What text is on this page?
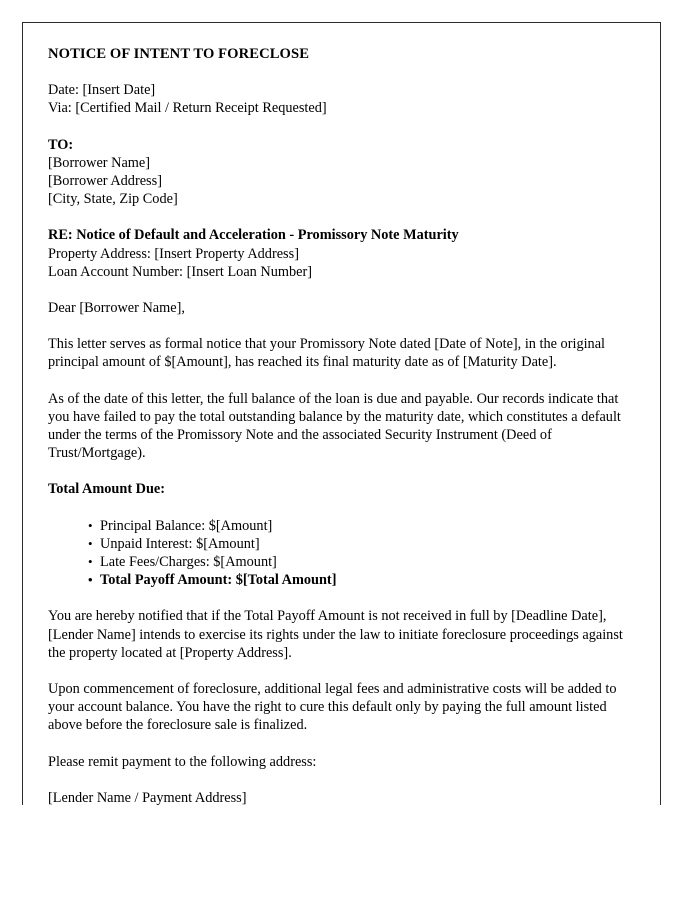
NOTICE OF INTENT TO FORECLOSE
Date: [Insert Date]
Via: [Certified Mail / Return Receipt Requested]
TO:
[Borrower Name]
[Borrower Address]
[City, State, Zip Code]
RE: Notice of Default and Acceleration - Promissory Note Maturity
Property Address: [Insert Property Address]
Loan Account Number: [Insert Loan Number]

Dear [Borrower Name],

This letter serves as formal notice that your Promissory Note dated [Date of Note], in the original principal amount of $[Amount], has reached its final maturity date as of [Maturity Date].

As of the date of this letter, the full balance of the loan is due and payable. Our records indicate that you have failed to pay the total outstanding balance by the maturity date, which constitutes a default under the terms of the Promissory Note and the associated Security Instrument (Deed of Trust/Mortgage).

Total Amount Due:

• Principal Balance: $[Amount]
• Unpaid Interest: $[Amount]
• Late Fees/Charges: $[Amount]
• Total Payoff Amount: $[Total Amount]

You are hereby notified that if the Total Payoff Amount is not received in full by [Deadline Date], [Lender Name] intends to exercise its rights under the law to initiate foreclosure proceedings against the property located at [Property Address].

Upon commencement of foreclosure, additional legal fees and administrative costs will be added to your account balance. You have the right to cure this default only by paying the full amount listed above before the foreclosure sale is finalized.

Please remit payment to the following address:

[Lender Name / Payment Address]
